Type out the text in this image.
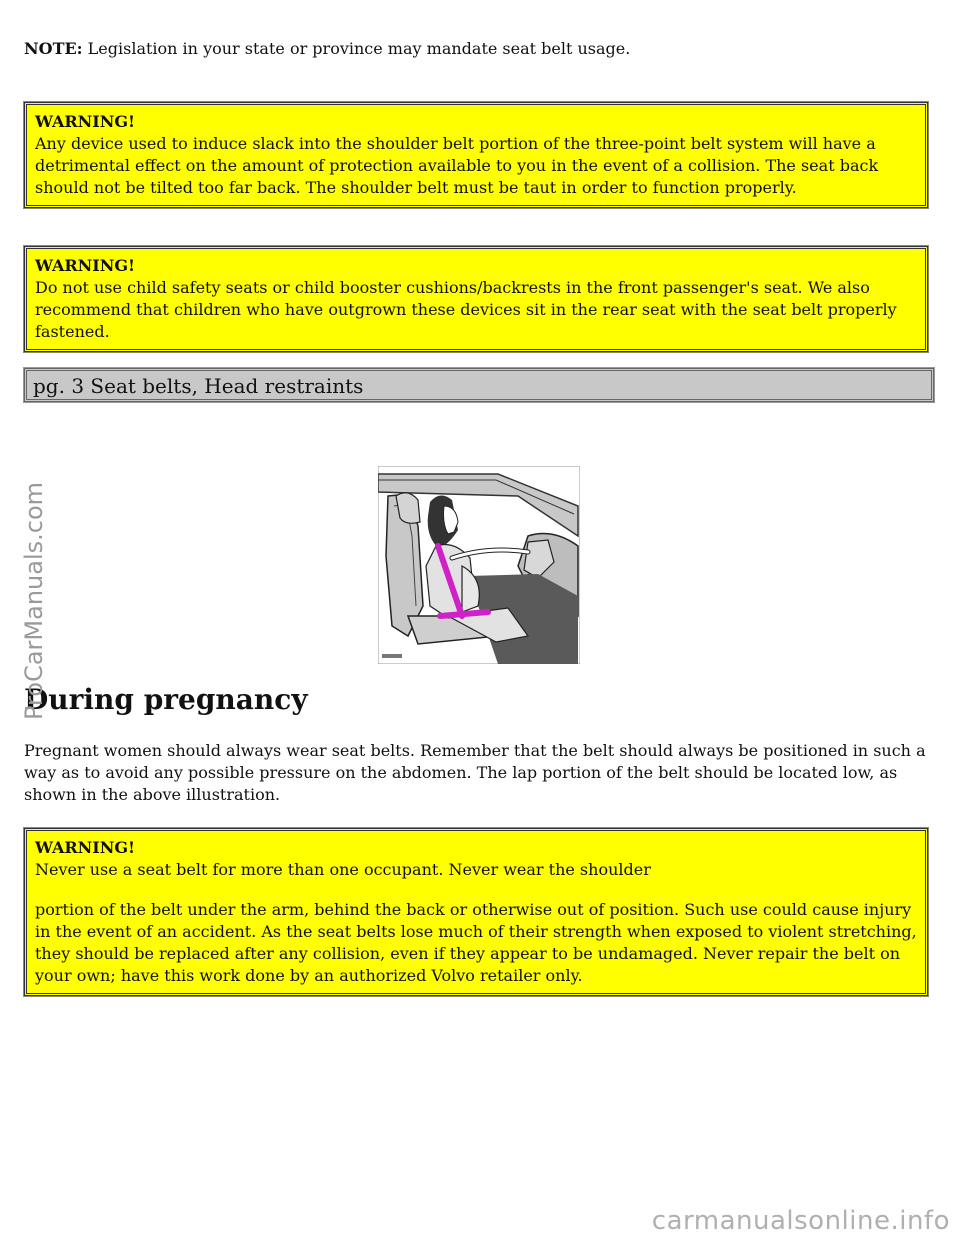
NOTE: Legislation in your state or province may mandate seat belt usage.
WARNING!

Any device used to induce slack into the shoulder belt portion of the three-point belt system will have a detrimental effect on the amount of protection available to you in the event of a collision. The seat back should not be tilted too far back. The shoulder belt must be taut in order to function properly.

WARNING!

Do not use child safety seats or child booster cushions/backrests in the front passenger's seat. We also recommend that children who have outgrown these devices sit in the rear seat with the seat belt properly fastened.

pg. 3 Seat belts, Head restraints
During pregnancy

Pregnant women should always wear seat belts. Remember that the belt should always be positioned in such a way as to avoid any possible pressure on the abdomen. The lap portion of the belt should be located low, as shown in the above illustration.

WARNING!

Never use a seat belt for more than one occupant. Never wear the shoulder

portion of the belt under the arm, behind the back or otherwise out of position. Such use could cause injury in the event of an accident. As the seat belts lose much of their strength when exposed to violent stretching, they should be replaced after any collision, even if they appear to be undamaged. Never repair the belt on your own; have this work done by an authorized Volvo retailer only.

ProCarManuals.com
carmanualsonline.info
